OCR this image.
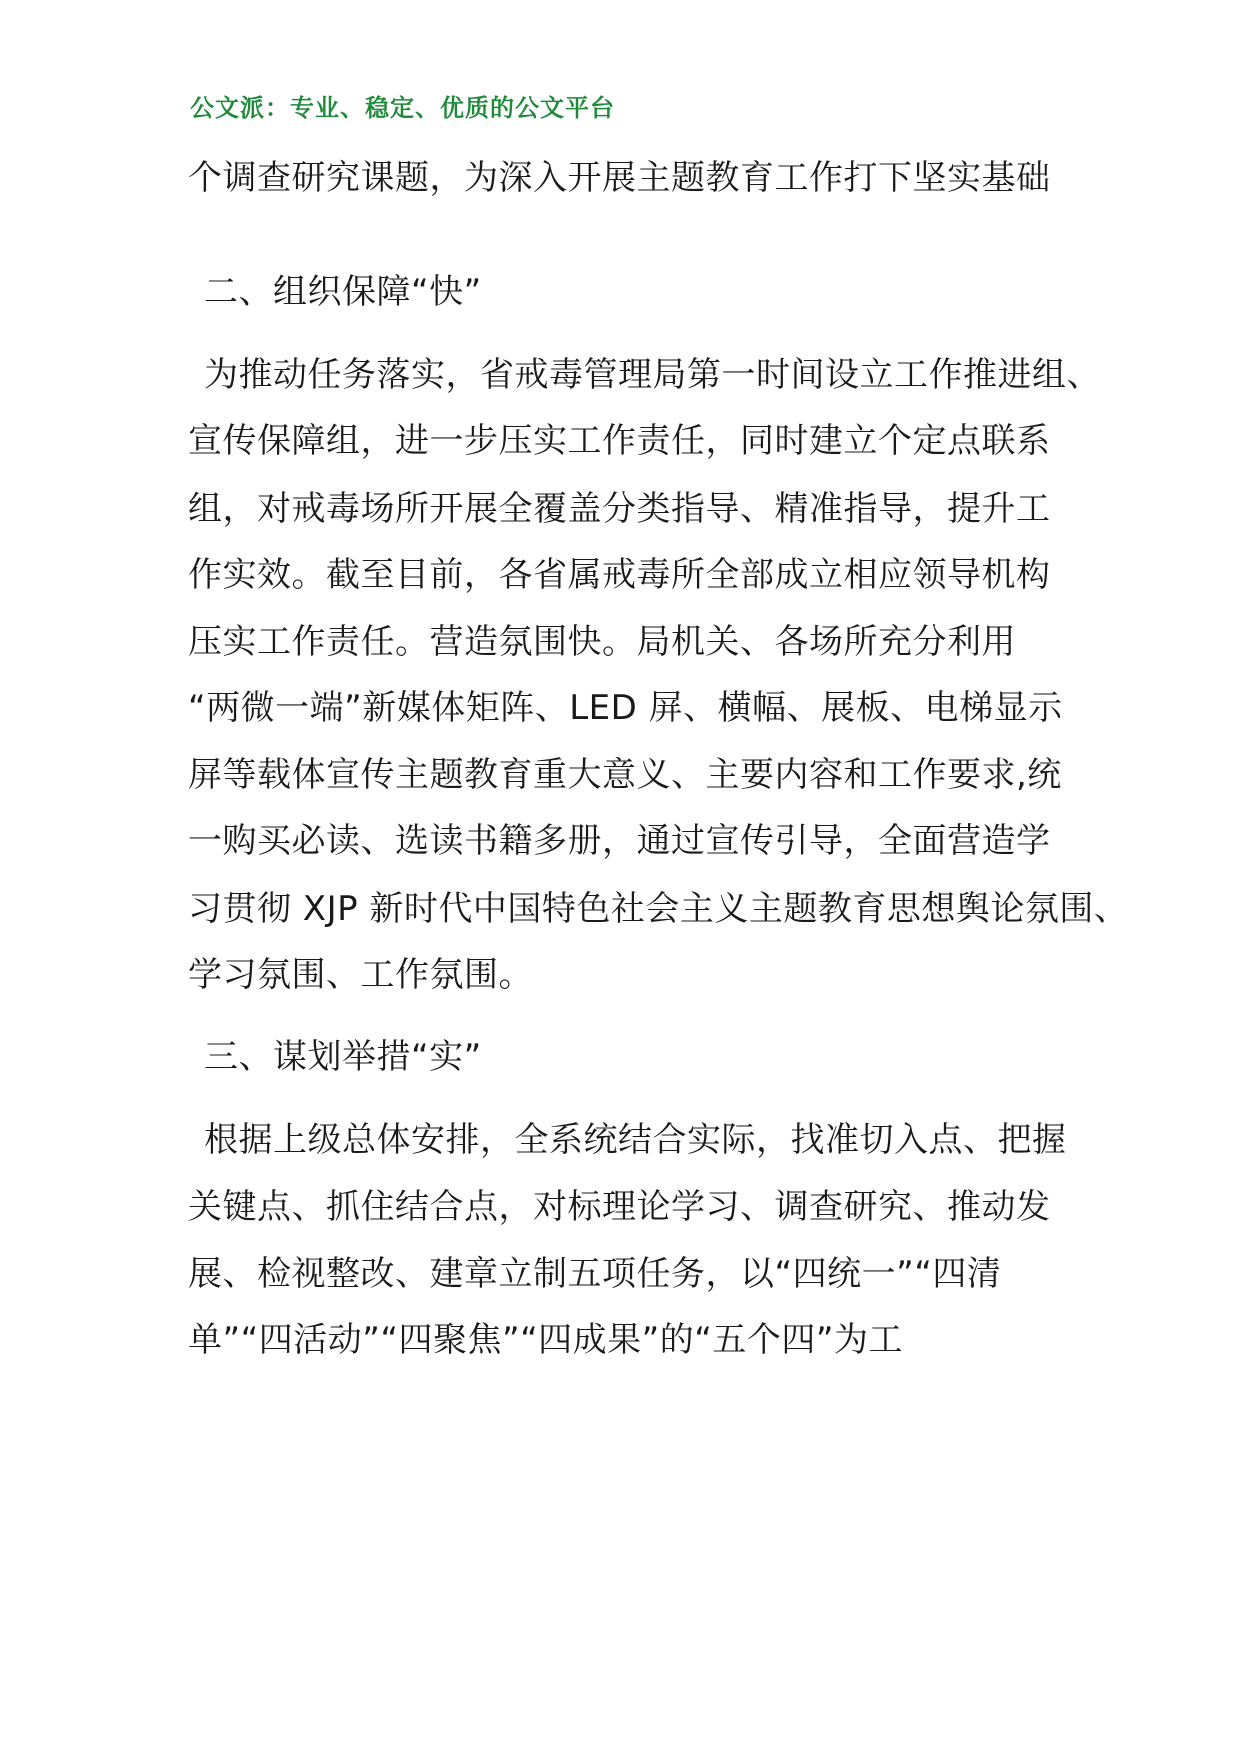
公文派：专业、稳定、优质的公文平台
个调查研究课题，为深入开展主题教育工作打下坚实基础
二、组织保障“快”
为推动任务落实，省戒毒管理局第一时间设立工作推进组、
宣传保障组，进一步压实工作责任，同时建立个定点联系
组，对戒毒场所开展全覆盖分类指导、精准指导，提升工
作实效。截至目前，各省属戒毒所全部成立相应领导机构
压实工作责任。营造氛围快。局机关、各场所充分利用
“两微一端”新媒体矩阵、LED 屏、横幅、展板、电梯显示
屏等载体宣传主题教育重大意义、主要内容和工作要求,统
一购买必读、选读书籍多册，通过宣传引导，全面营造学
习贯彻 XJP 新时代中国特色社会主义主题教育思想舆论氛围、
学习氛围、工作氛围。
三、谋划举措“实”
根据上级总体安排，全系统结合实际，找准切入点、把握
关键点、抓住结合点，对标理论学习、调查研究、推动发
展、检视整改、建章立制五项任务，以“四统一”“四清
单”“四活动”“四聚焦”“四成果”的“五个四”为工
